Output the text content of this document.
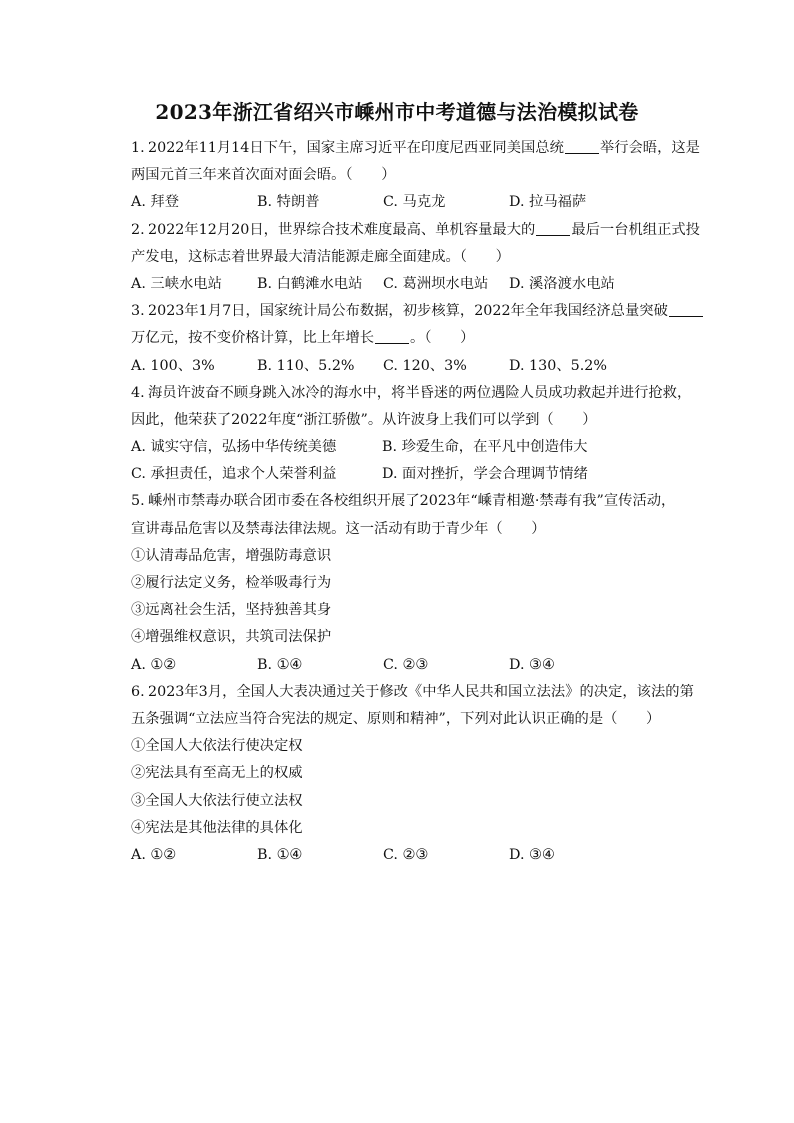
2023年浙江省绍兴市嵊州市中考道德与法治模拟试卷
1. 2022年11月14日下午，国家主席习近平在印度尼西亚同美国总统	举行会晤，这是
两国元首三年来首次面对面会晤。（　　）
A. 拜登	B. 特朗普	C. 马克龙	D. 拉马福萨
2. 2022年12月20日，世界综合技术难度最高、单机容量最大的	最后一台机组正式投
产发电，这标志着世界最大清洁能源走廊全面建成。（　　）
A. 三峡水电站	B. 白鹤滩水电站	C. 葛洲坝水电站	D. 溪洛渡水电站
3. 2023年1月7日，国家统计局公布数据，初步核算，2022年全年我国经济总量突破
万亿元，按不变价格计算，比上年增长	。（　　）
A. 100、3%	B. 110、5.2%	C. 120、3%	D. 130、5.2%
4. 海员许波奋不顾身跳入冰冷的海水中，将半昏迷的两位遇险人员成功救起并进行抢救，
因此，他荣获了2022年度“浙江骄傲”。从许波身上我们可以学到（　　）
A. 诚实守信，弘扬中华传统美德	B. 珍爱生命，在平凡中创造伟大
C. 承担责任，追求个人荣誉利益	D. 面对挫折，学会合理调节情绪
5. 嵊州市禁毒办联合团市委在各校组织开展了2023年“嵊青相邀·禁毒有我”宣传活动，
宣讲毒品危害以及禁毒法律法规。这一活动有助于青少年（　　）
①认清毒品危害，增强防毒意识
②履行法定义务，检举吸毒行为
③远离社会生活，坚持独善其身
④增强维权意识，共筑司法保护
A. ①②	B. ①④	C. ②③	D. ③④
6. 2023年3月，全国人大表决通过关于修改《中华人民共和国立法法》的决定，该法的第
五条强调“立法应当符合宪法的规定、原则和精神”，下列对此认识正确的是（　　）
①全国人大依法行使决定权
②宪法具有至高无上的权威
③全国人大依法行使立法权
④宪法是其他法律的具体化
A. ①②	B. ①④	C. ②③	D. ③④
